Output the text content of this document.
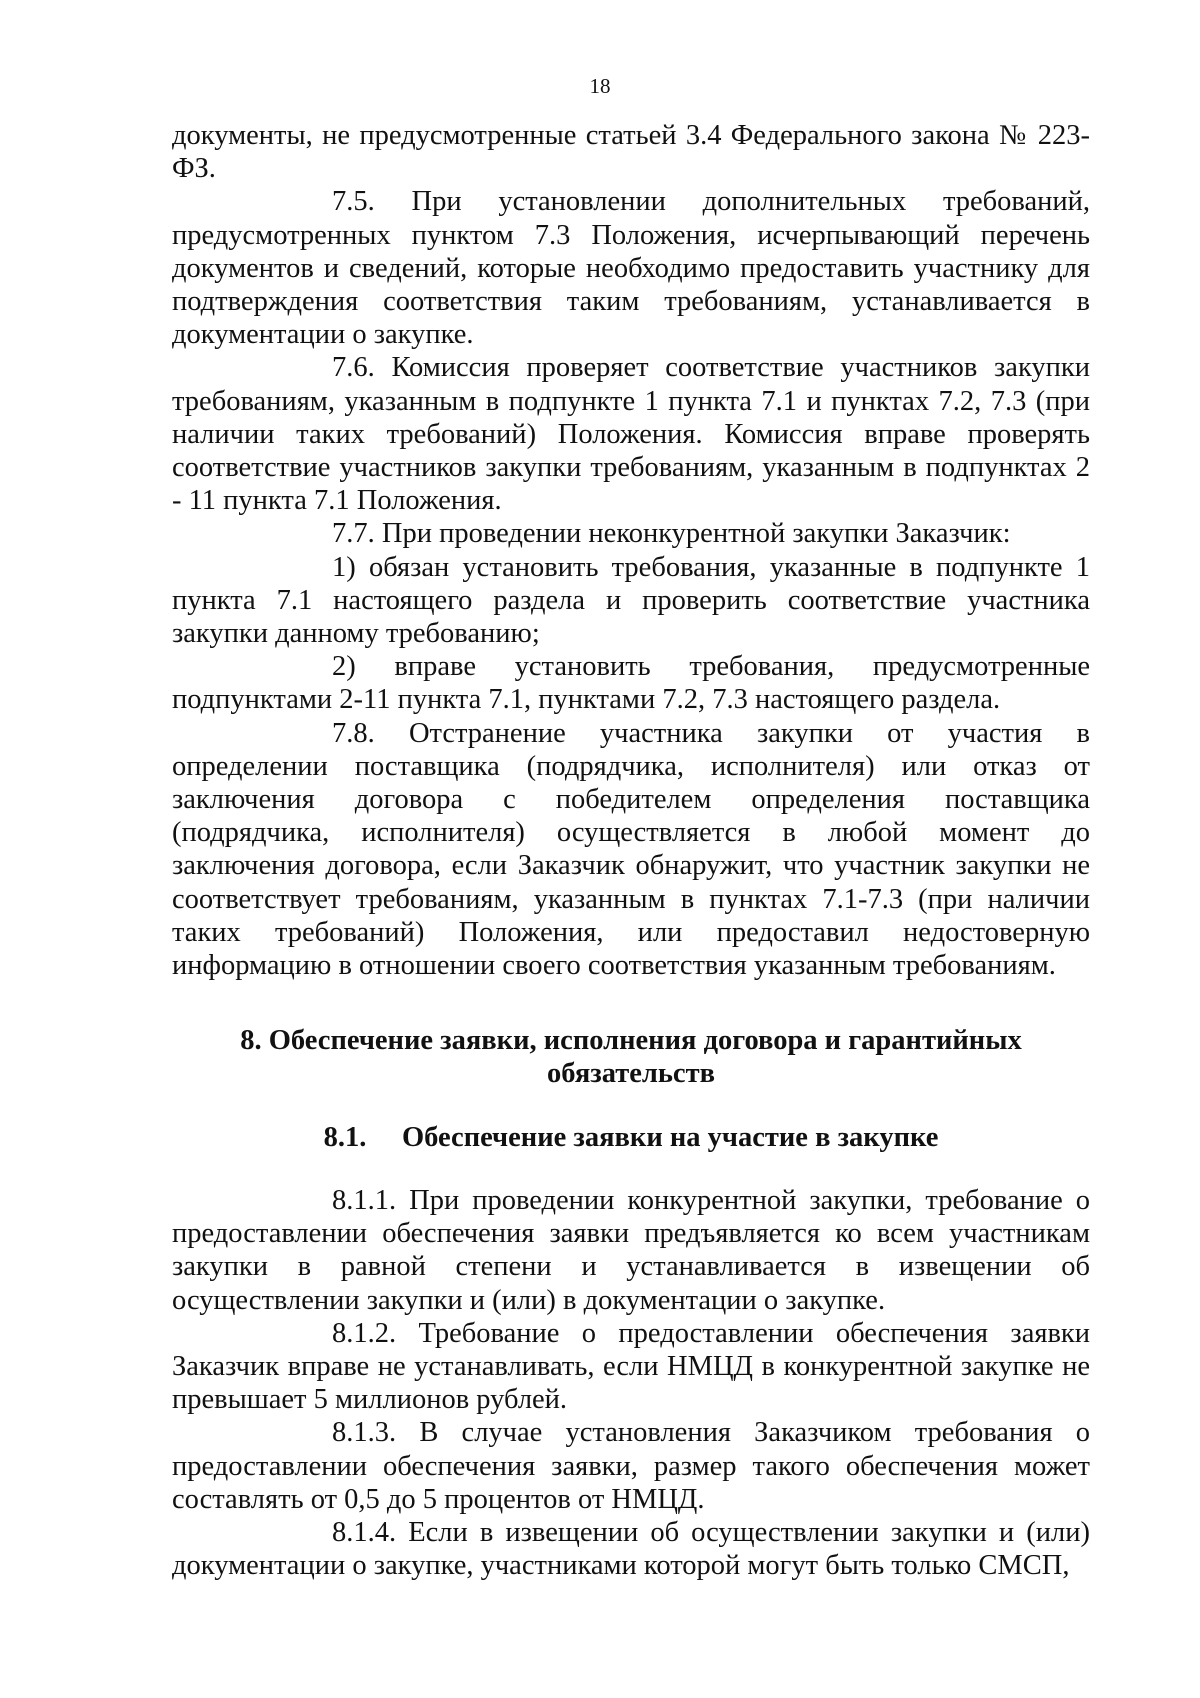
18

документы, не предусмотренные статьей 3.4 Федерального закона № 223-ФЗ.

7.5. При установлении дополнительных требований, предусмотренных пунктом 7.3 Положения, исчерпывающий перечень документов и сведений, которые необходимо предоставить участнику для подтверждения соответствия таким требованиям, устанавливается в документации о закупке.

7.6. Комиссия проверяет соответствие участников закупки требованиям, указанным в подпункте 1 пункта 7.1 и пунктах 7.2, 7.3 (при наличии таких требований) Положения. Комиссия вправе проверять соответствие участников закупки требованиям, указанным в подпунктах 2 - 11 пункта 7.1 Положения.

7.7. При проведении неконкурентной закупки Заказчик:

1) обязан установить требования, указанные в подпункте 1 пункта 7.1 настоящего раздела и проверить соответствие участника закупки данному требованию;

2) вправе установить требования, предусмотренные подпунктами 2-11 пункта 7.1, пунктами 7.2, 7.3 настоящего раздела.

7.8. Отстранение участника закупки от участия в определении поставщика (подрядчика, исполнителя) или отказ от заключения договора с победителем определения поставщика (подрядчика, исполнителя) осуществляется в любой момент до заключения договора, если Заказчик обнаружит, что участник закупки не соответствует требованиям, указанным в пунктах 7.1-7.3 (при наличии таких требований) Положения, или предоставил недостоверную информацию в отношении своего соответствия указанным требованиям.

8. Обеспечение заявки, исполнения договора и гарантийных обязательств

8.1. Обеспечение заявки на участие в закупке

8.1.1. При проведении конкурентной закупки, требование о предоставлении обеспечения заявки предъявляется ко всем участникам закупки в равной степени и устанавливается в извещении об осуществлении закупки и (или) в документации о закупке.

8.1.2. Требование о предоставлении обеспечения заявки Заказчик вправе не устанавливать, если НМЦД в конкурентной закупке не превышает 5 миллионов рублей.

8.1.3. В случае установления Заказчиком требования о предоставлении обеспечения заявки, размер такого обеспечения может составлять от 0,5 до 5 процентов от НМЦД.

8.1.4. Если в извещении об осуществлении закупки и (или) документации о закупке, участниками которой могут быть только СМСП,
